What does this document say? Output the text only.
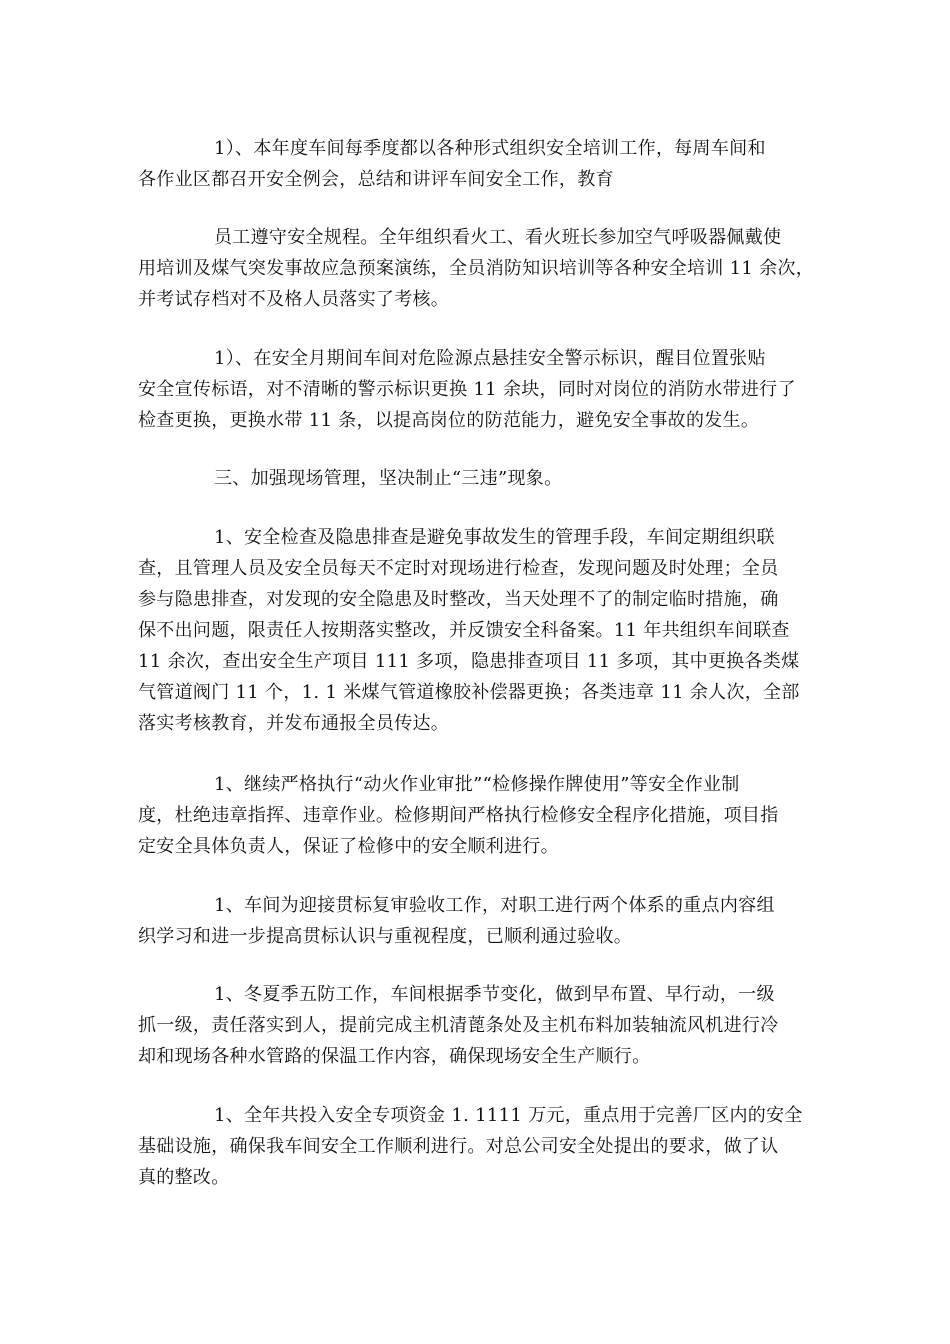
1）、本年度车间每季度都以各种形式组织安全培训工作，每周车间和
各作业区都召开安全例会，总结和讲评车间安全工作，教育

员工遵守安全规程。全年组织看火工、看火班长参加空气呼吸器佩戴使
用培训及煤气突发事故应急预案演练，全员消防知识培训等各种安全培训 11 余次，
并考试存档对不及格人员落实了考核。

1）、在安全月期间车间对危险源点悬挂安全警示标识，醒目位置张贴
安全宣传标语，对不清晰的警示标识更换 11 余块，同时对岗位的消防水带进行了
检查更换，更换水带 11 条，以提高岗位的防范能力，避免安全事故的发生。

三、加强现场管理，坚决制止“三违”现象。

1、安全检查及隐患排查是避免事故发生的管理手段，车间定期组织联
查，且管理人员及安全员每天不定时对现场进行检查，发现问题及时处理；全员
参与隐患排查，对发现的安全隐患及时整改，当天处理不了的制定临时措施，确
保不出问题，限责任人按期落实整改，并反馈安全科备案。11 年共组织车间联查
11 余次，查出安全生产项目 111 多项，隐患排查项目 11 多项，其中更换各类煤
气管道阀门 11 个，1. 1 米煤气管道橡胶补偿器更换；各类违章 11 余人次，全部
落实考核教育，并发布通报全员传达。

1、继续严格执行“动火作业审批”“检修操作牌使用”等安全作业制
度，杜绝违章指挥、违章作业。检修期间严格执行检修安全程序化措施，项目指
定安全具体负责人，保证了检修中的安全顺利进行。

1、车间为迎接贯标复审验收工作，对职工进行两个体系的重点内容组
织学习和进一步提高贯标认识与重视程度，已顺利通过验收。

1、冬夏季五防工作，车间根据季节变化，做到早布置、早行动，一级
抓一级，责任落实到人，提前完成主机清蓖条处及主机布料加装轴流风机进行冷
却和现场各种水管路的保温工作内容，确保现场安全生产顺行。

1、全年共投入安全专项资金 1. 1111 万元，重点用于完善厂区内的安全
基础设施，确保我车间安全工作顺利进行。对总公司安全处提出的要求，做了认
真的整改。
